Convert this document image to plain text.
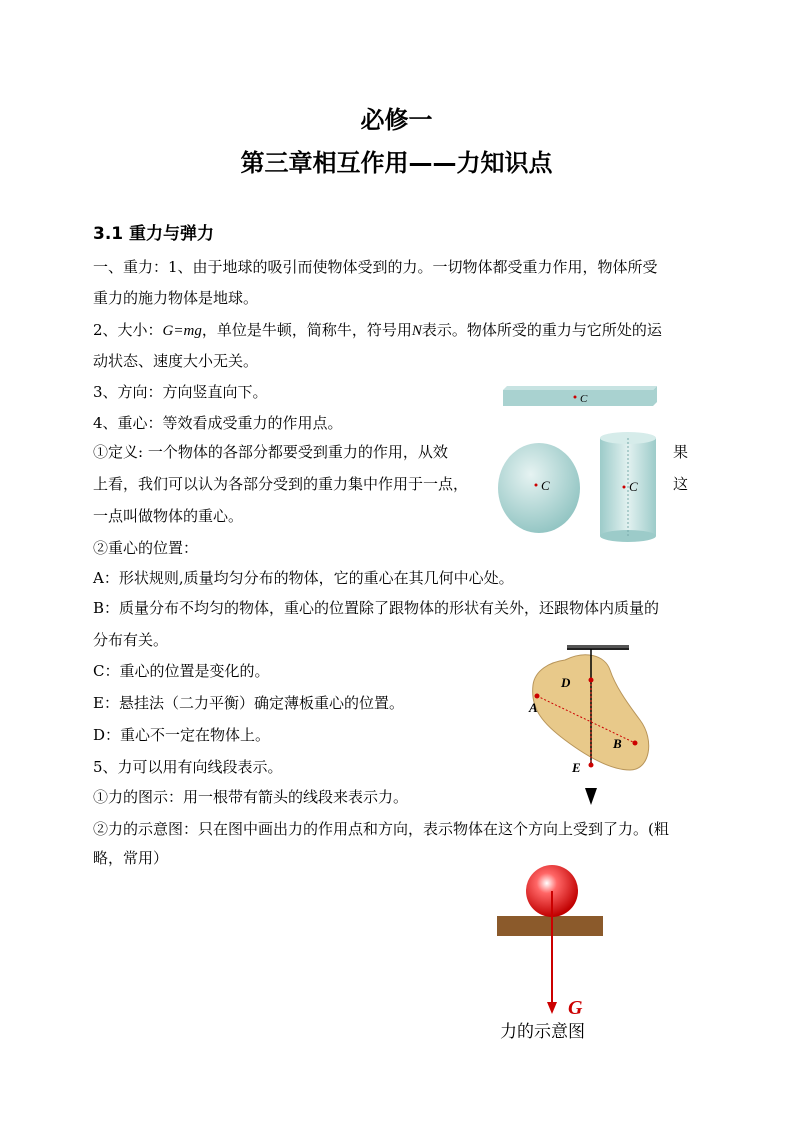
必修一
第三章相互作用——力知识点
3.1 重力与弹力
一、重力：1、由于地球的吸引而使物体受到的力。一切物体都受重力作用，物体所受
重力的施力物体是地球。
2、大小：G=mg，单位是牛顿，简称牛，符号用N表示。物体所受的重力与它所处的运
动状态、速度大小无关。
3、方向：方向竖直向下。
4、重心：等效看成受重力的作用点。
①定义: 一个物体的各部分都要受到重力的作用，从效	果
上看，我们可以认为各部分受到的重力集中作用于一点，	这
一点叫做物体的重心。
②重心的位置：
A：形状规则,质量均匀分布的物体，它的重心在其几何中心处。
B：质量分布不均匀的物体，重心的位置除了跟物体的形状有关外，还跟物体内质量的
分布有关。
C：重心的位置是变化的。
E：悬挂法（二力平衡）确定薄板重心的位置。
D：重心不一定在物体上。
5、力可以用有向线段表示。
①力的图示：用一根带有箭头的线段来表示力。
②力的示意图：只在图中画出力的作用点和方向，表示物体在这个方向上受到了力。(粗
略，常用）
C
C	C
D
A
B
E
G
力的示意图
